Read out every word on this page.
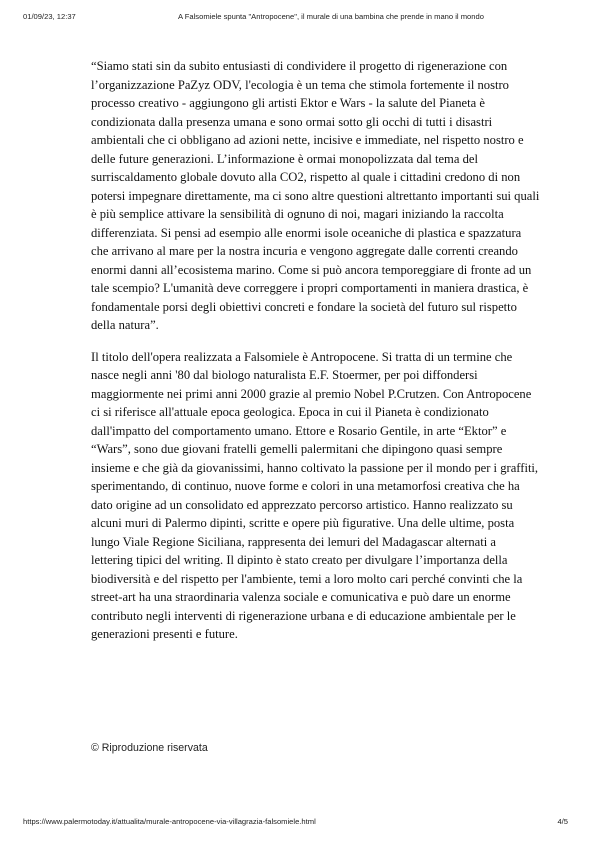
01/09/23, 12:37	A Falsomiele spunta "Antropocene", il murale di una bambina che prende in mano il mondo

“Siamo stati sin da subito entusiasti di condividere il progetto di rigenerazione con l’organizzazione PaZyz ODV, l'ecologia è un tema che stimola fortemente il nostro processo creativo - aggiungono gli artisti Ektor e Wars - la salute del Pianeta è condizionata dalla presenza umana e sono ormai sotto gli occhi di tutti i disastri ambientali che ci obbligano ad azioni nette, incisive e immediate, nel rispetto nostro e delle future generazioni. L’informazione è ormai monopolizzata dal tema del surriscaldamento globale dovuto alla CO2, rispetto al quale i cittadini credono di non potersi impegnare direttamente, ma ci sono altre questioni altrettanto importanti sui quali è più semplice attivare la sensibilità di ognuno di noi, magari iniziando la raccolta differenziata. Si pensi ad esempio alle enormi isole oceaniche di plastica e spazzatura che arrivano al mare per la nostra incuria e vengono aggregate dalle correnti creando enormi danni all’ecosistema marino. Come si può ancora temporeggiare di fronte ad un tale scempio? L'umanità deve correggere i propri comportamenti in maniera drastica, è fondamentale porsi degli obiettivi concreti e fondare la società del futuro sul rispetto della natura”.

Il titolo dell'opera realizzata a Falsomiele è Antropocene. Si tratta di un termine che nasce negli anni '80 dal biologo naturalista E.F. Stoermer, per poi diffondersi maggiormente nei primi anni 2000 grazie al premio Nobel P.Crutzen. Con Antropocene ci si riferisce all'attuale epoca geologica. Epoca in cui il Pianeta è condizionato dall'impatto del comportamento umano. Ettore e Rosario Gentile, in arte “Ektor” e “Wars”, sono due giovani fratelli gemelli palermitani che dipingono quasi sempre insieme e che già da giovanissimi, hanno coltivato la passione per il mondo per i graffiti, sperimentando, di continuo, nuove forme e colori in una metamorfosi creativa che ha dato origine ad un consolidato ed apprezzato percorso artistico. Hanno realizzato su alcuni muri di Palermo dipinti, scritte e opere più figurative. Una delle ultime, posta lungo Viale Regione Siciliana, rappresenta dei lemuri del Madagascar alternati a lettering tipici del writing. Il dipinto è stato creato per divulgare l’importanza della biodiversità e del rispetto per l'ambiente, temi a loro molto cari perché convinti che la street-art ha una straordinaria valenza sociale e comunicativa e può dare un enorme contributo negli interventi di rigenerazione urbana e di educazione ambientale per le generazioni presenti e future.

© Riproduzione riservata
https://www.palermotoday.it/attualita/murale-antropocene-via-villagrazia-falsomiele.html	4/5
